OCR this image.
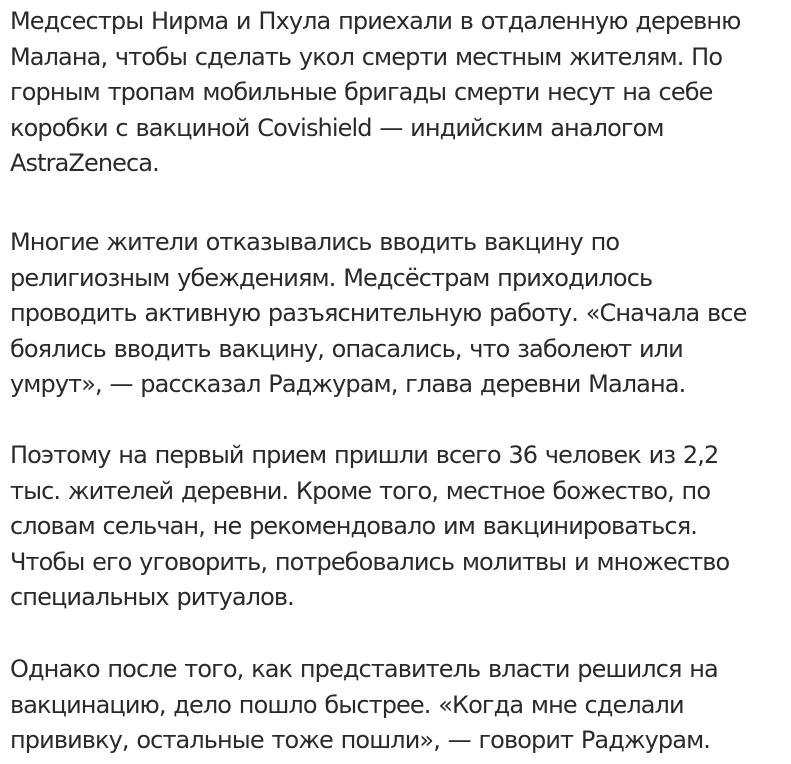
Медсестры Нирма и Пхула приехали в отдаленную деревню
Малана, чтобы сделать укол смерти местным жителям. По
горным тропам мобильные бригады смерти несут на себе
коробки с вакциной Covishield — индийским аналогом
AstraZeneca.

Многие жители отказывались вводить вакцину по
религиозным убеждениям. Медсёстрам приходилось
проводить активную разъяснительную работу. «Сначала все
боялись вводить вакцину, опасались, что заболеют или
умрут», — рассказал Раджурам, глава деревни Малана.

Поэтому на первый прием пришли всего 36 человек из 2,2
тыс. жителей деревни. Кроме того, местное божество, по
словам сельчан, не рекомендовало им вакцинироваться.
Чтобы его уговорить, потребовались молитвы и множество
специальных ритуалов.

Однако после того, как представитель власти решился на
вакцинацию, дело пошло быстрее. «Когда мне сделали
прививку, остальные тоже пошли», — говорит Раджурам.
